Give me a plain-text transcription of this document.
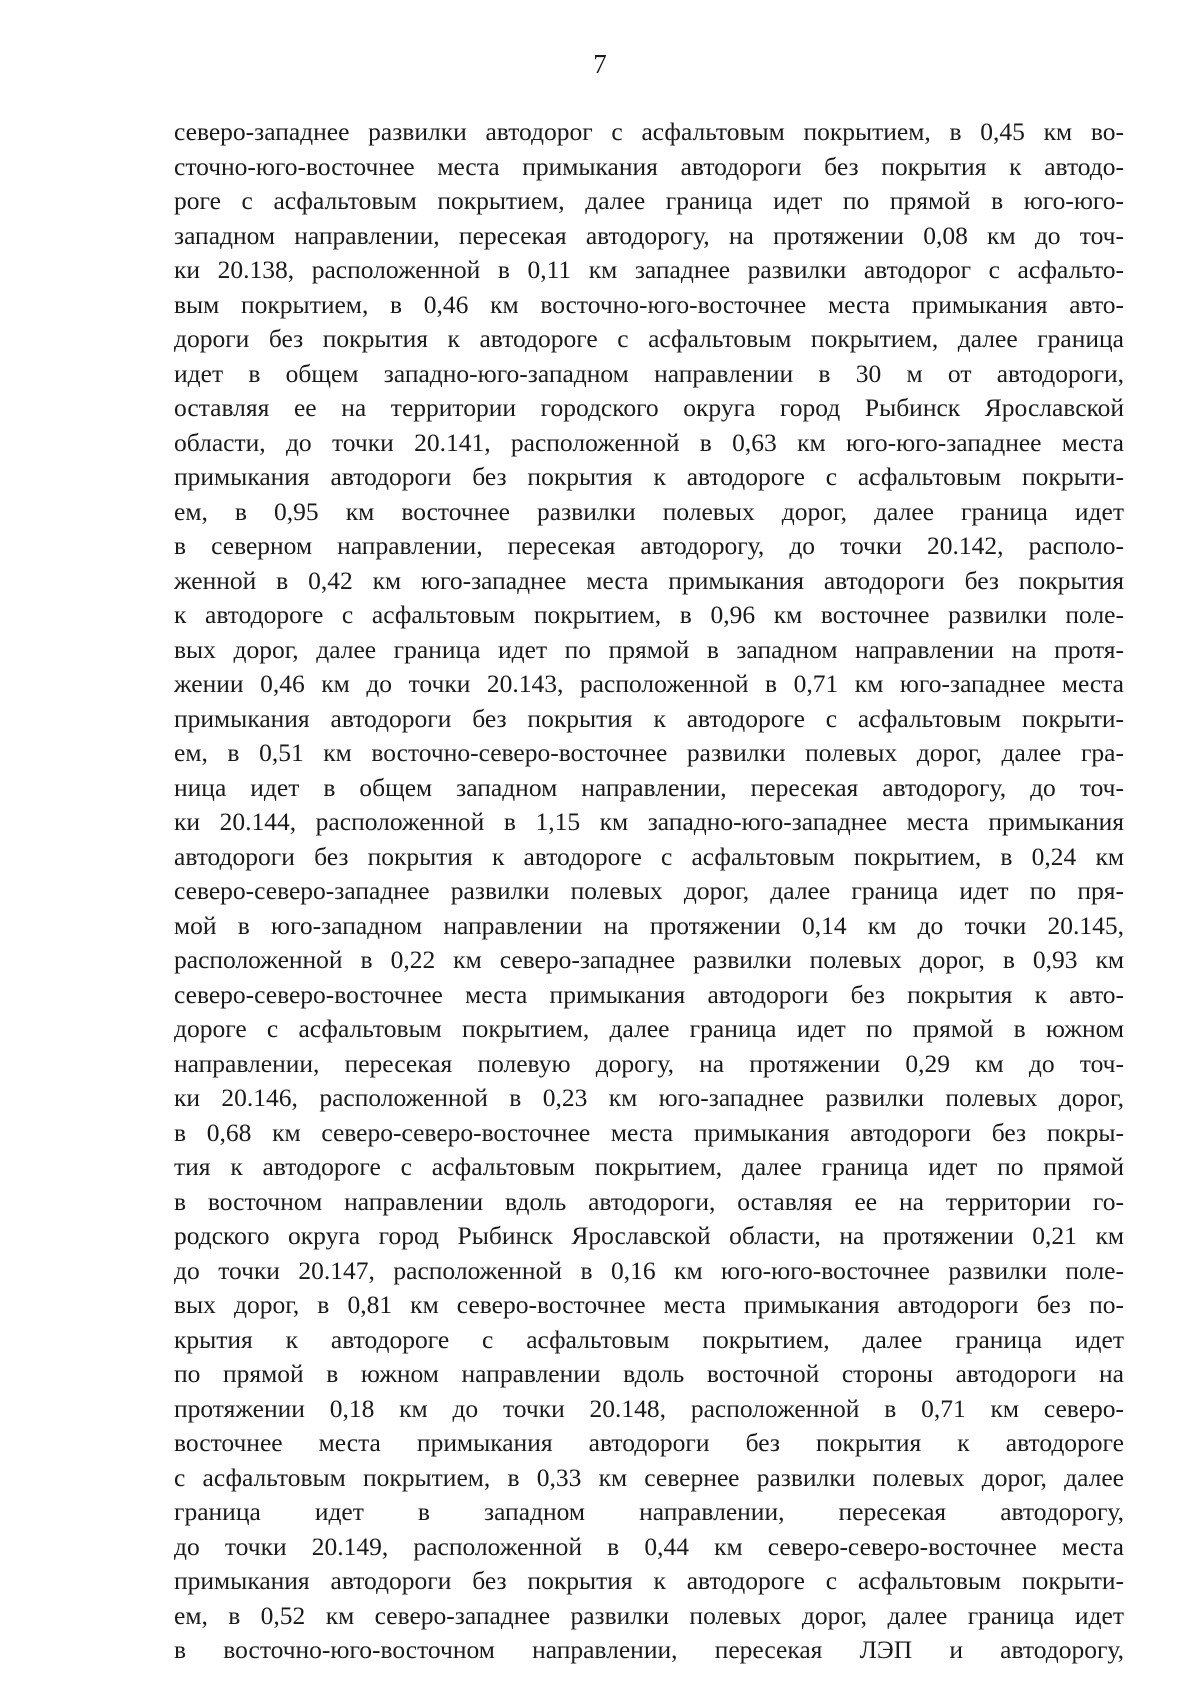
7
северо-западнее развилки автодорог с асфальтовым покрытием, в 0,45 км во-
сточно-юго-восточнее места примыкания автодороги без покрытия к автодо-
роге с асфальтовым покрытием, далее граница идет по прямой в юго-юго-
западном направлении, пересекая автодорогу, на протяжении 0,08 км до точ-
ки 20.138, расположенной в 0,11 км западнее развилки автодорог с асфальто-
вым покрытием, в 0,46 км восточно-юго-восточнее места примыкания авто-
дороги без покрытия к автодороге с асфальтовым покрытием, далее граница
идет в общем западно-юго-западном направлении в 30 м от автодороги,
оставляя ее на территории городского округа город Рыбинск Ярославской
области, до точки 20.141, расположенной в 0,63 км юго-юго-западнее места
примыкания автодороги без покрытия к автодороге с асфальтовым покрыти-
ем, в 0,95 км восточнее развилки полевых дорог, далее граница идет
в северном направлении, пересекая автодорогу, до точки 20.142, располо-
женной в 0,42 км юго-западнее места примыкания автодороги без покрытия
к автодороге с асфальтовым покрытием, в 0,96 км восточнее развилки поле-
вых дорог, далее граница идет по прямой в западном направлении на протя-
жении 0,46 км до точки 20.143, расположенной в 0,71 км юго-западнее места
примыкания автодороги без покрытия к автодороге с асфальтовым покрыти-
ем, в 0,51 км восточно-северо-восточнее развилки полевых дорог, далее гра-
ница идет в общем западном направлении, пересекая автодорогу, до точ-
ки 20.144, расположенной в 1,15 км западно-юго-западнее места примыкания
автодороги без покрытия к автодороге с асфальтовым покрытием, в 0,24 км
северо-северо-западнее развилки полевых дорог, далее граница идет по пря-
мой в юго-западном направлении на протяжении 0,14 км до точки 20.145,
расположенной в 0,22 км северо-западнее развилки полевых дорог, в 0,93 км
северо-северо-восточнее места примыкания автодороги без покрытия к авто-
дороге с асфальтовым покрытием, далее граница идет по прямой в южном
направлении, пересекая полевую дорогу, на протяжении 0,29 км до точ-
ки 20.146, расположенной в 0,23 км юго-западнее развилки полевых дорог,
в 0,68 км северо-северо-восточнее места примыкания автодороги без покры-
тия к автодороге с асфальтовым покрытием, далее граница идет по прямой
в восточном направлении вдоль автодороги, оставляя ее на территории го-
родского округа город Рыбинск Ярославской области, на протяжении 0,21 км
до точки 20.147, расположенной в 0,16 км юго-юго-восточнее развилки поле-
вых дорог, в 0,81 км северо-восточнее места примыкания автодороги без по-
крытия к автодороге с асфальтовым покрытием, далее граница идет
по прямой в южном направлении вдоль восточной стороны автодороги на
протяжении 0,18 км до точки 20.148, расположенной в 0,71 км северо-
восточнее места примыкания автодороги без покрытия к автодороге
с асфальтовым покрытием, в 0,33 км севернее развилки полевых дорог, далее
граница идет в западном направлении, пересекая автодорогу,
до точки 20.149, расположенной в 0,44 км северо-северо-восточнее места
примыкания автодороги без покрытия к автодороге с асфальтовым покрыти-
ем, в 0,52 км северо-западнее развилки полевых дорог, далее граница идет
в восточно-юго-восточном направлении, пересекая ЛЭП и автодорогу,
